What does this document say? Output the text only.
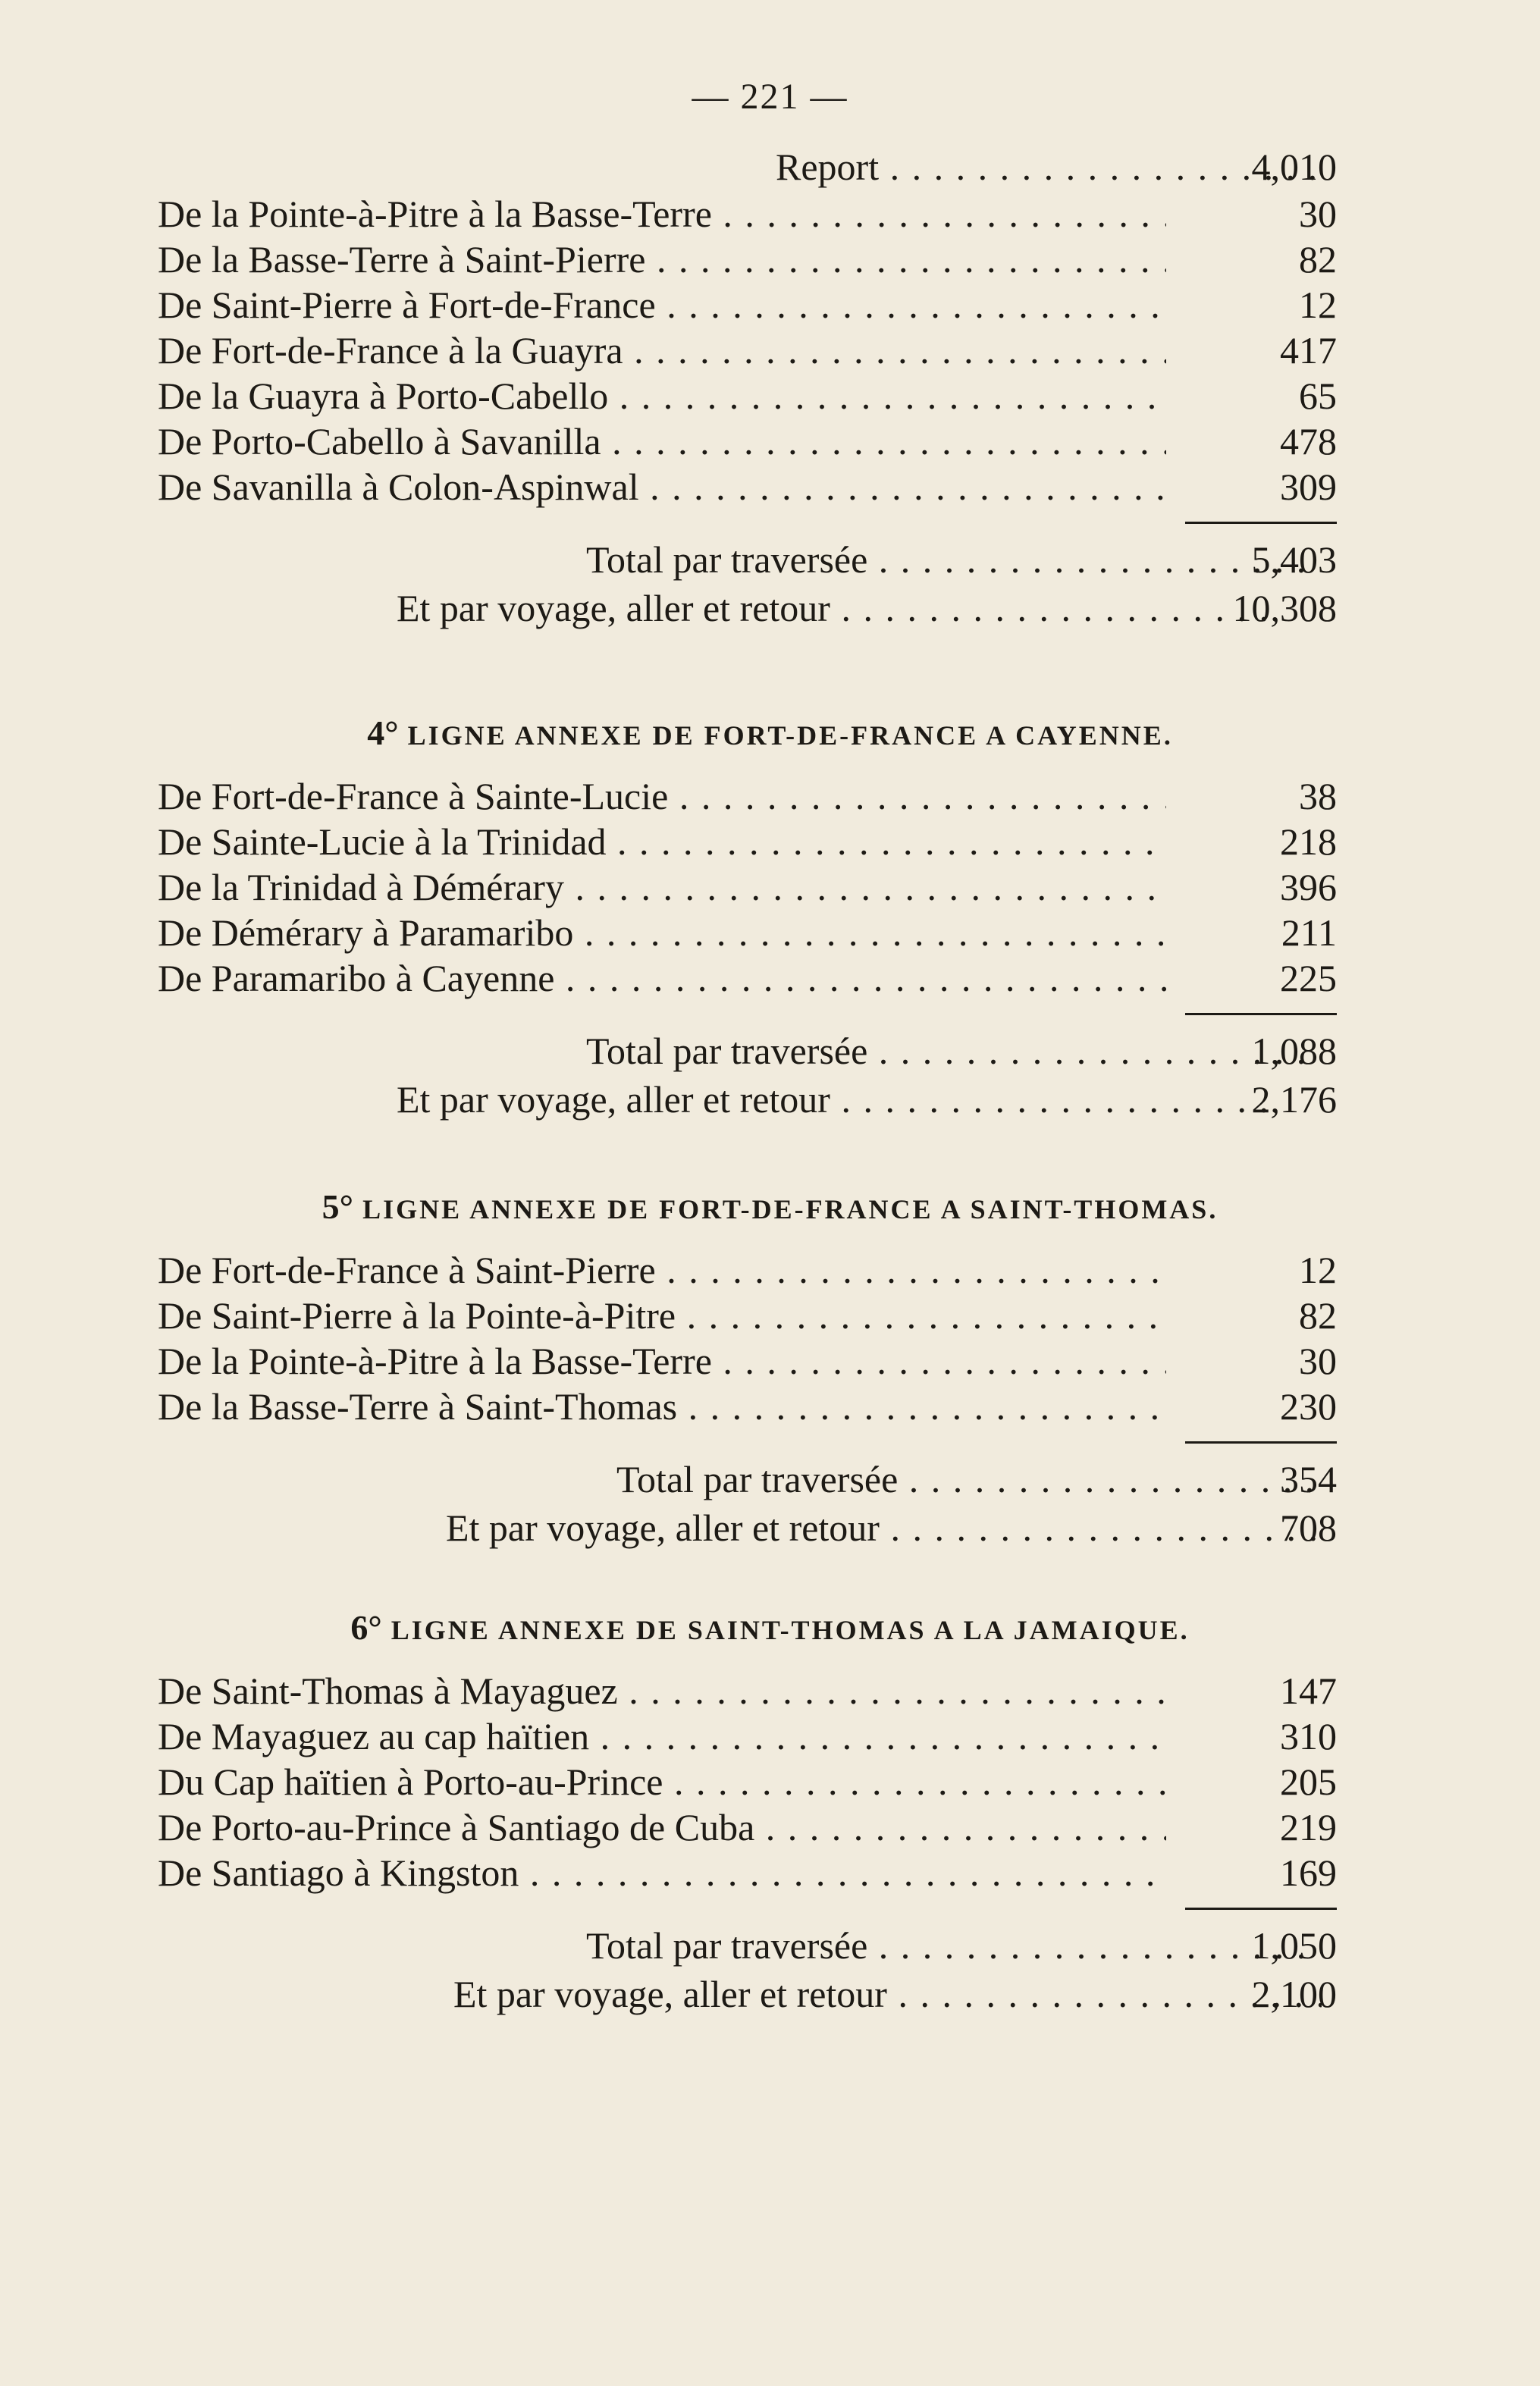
— 221 —
Report . . .	4,010
De la Pointe-à-Pitre à la Basse-Terre . . .	30
De la Basse-Terre à Saint-Pierre . . .	82
De Saint-Pierre à Fort-de-France . . .	12
De Fort-de-France à la Guayra . . .	417
De la Guayra à Porto-Cabello . . .	65
De Porto-Cabello à Savanilla . . .	478
De Savanilla à Colon-Aspinwal . . .	309
Total par traversée . . .	5,403
Et par voyage, aller et retour . . .	10,308
4° LIGNE ANNEXE DE FORT-DE-FRANCE A CAYENNE.
De Fort-de-France à Sainte-Lucie . . .	38
De Sainte-Lucie à la Trinidad . . .	218
De la Trinidad à Démérary . . .	396
De Démérary à Paramaribo . . .	211
De Paramaribo à Cayenne . . .	225
Total par traversée . . .	1,088
Et par voyage, aller et retour . . .	2,176
5° LIGNE ANNEXE DE FORT-DE-FRANCE A SAINT-THOMAS.
De Fort-de-France à Saint-Pierre . . .	12
De Saint-Pierre à la Pointe-à-Pitre . . .	82
De la Pointe-à-Pitre à la Basse-Terre . . .	30
De la Basse-Terre à Saint-Thomas . . .	230
Total par traversée . . .	354
Et par voyage, aller et retour . . .	708
6° LIGNE ANNEXE DE SAINT-THOMAS A LA JAMAIQUE.
De Saint-Thomas à Mayaguez . . .	147
De Mayaguez au cap haïtien . . .	310
Du Cap haïtien à Porto-au-Prince . . .	205
De Porto-au-Prince à Santiago de Cuba . . .	219
De Santiago à Kingston . . .	169
Total par traversée . . .	1,050
Et par voyage, aller et retour . . .	2,100
